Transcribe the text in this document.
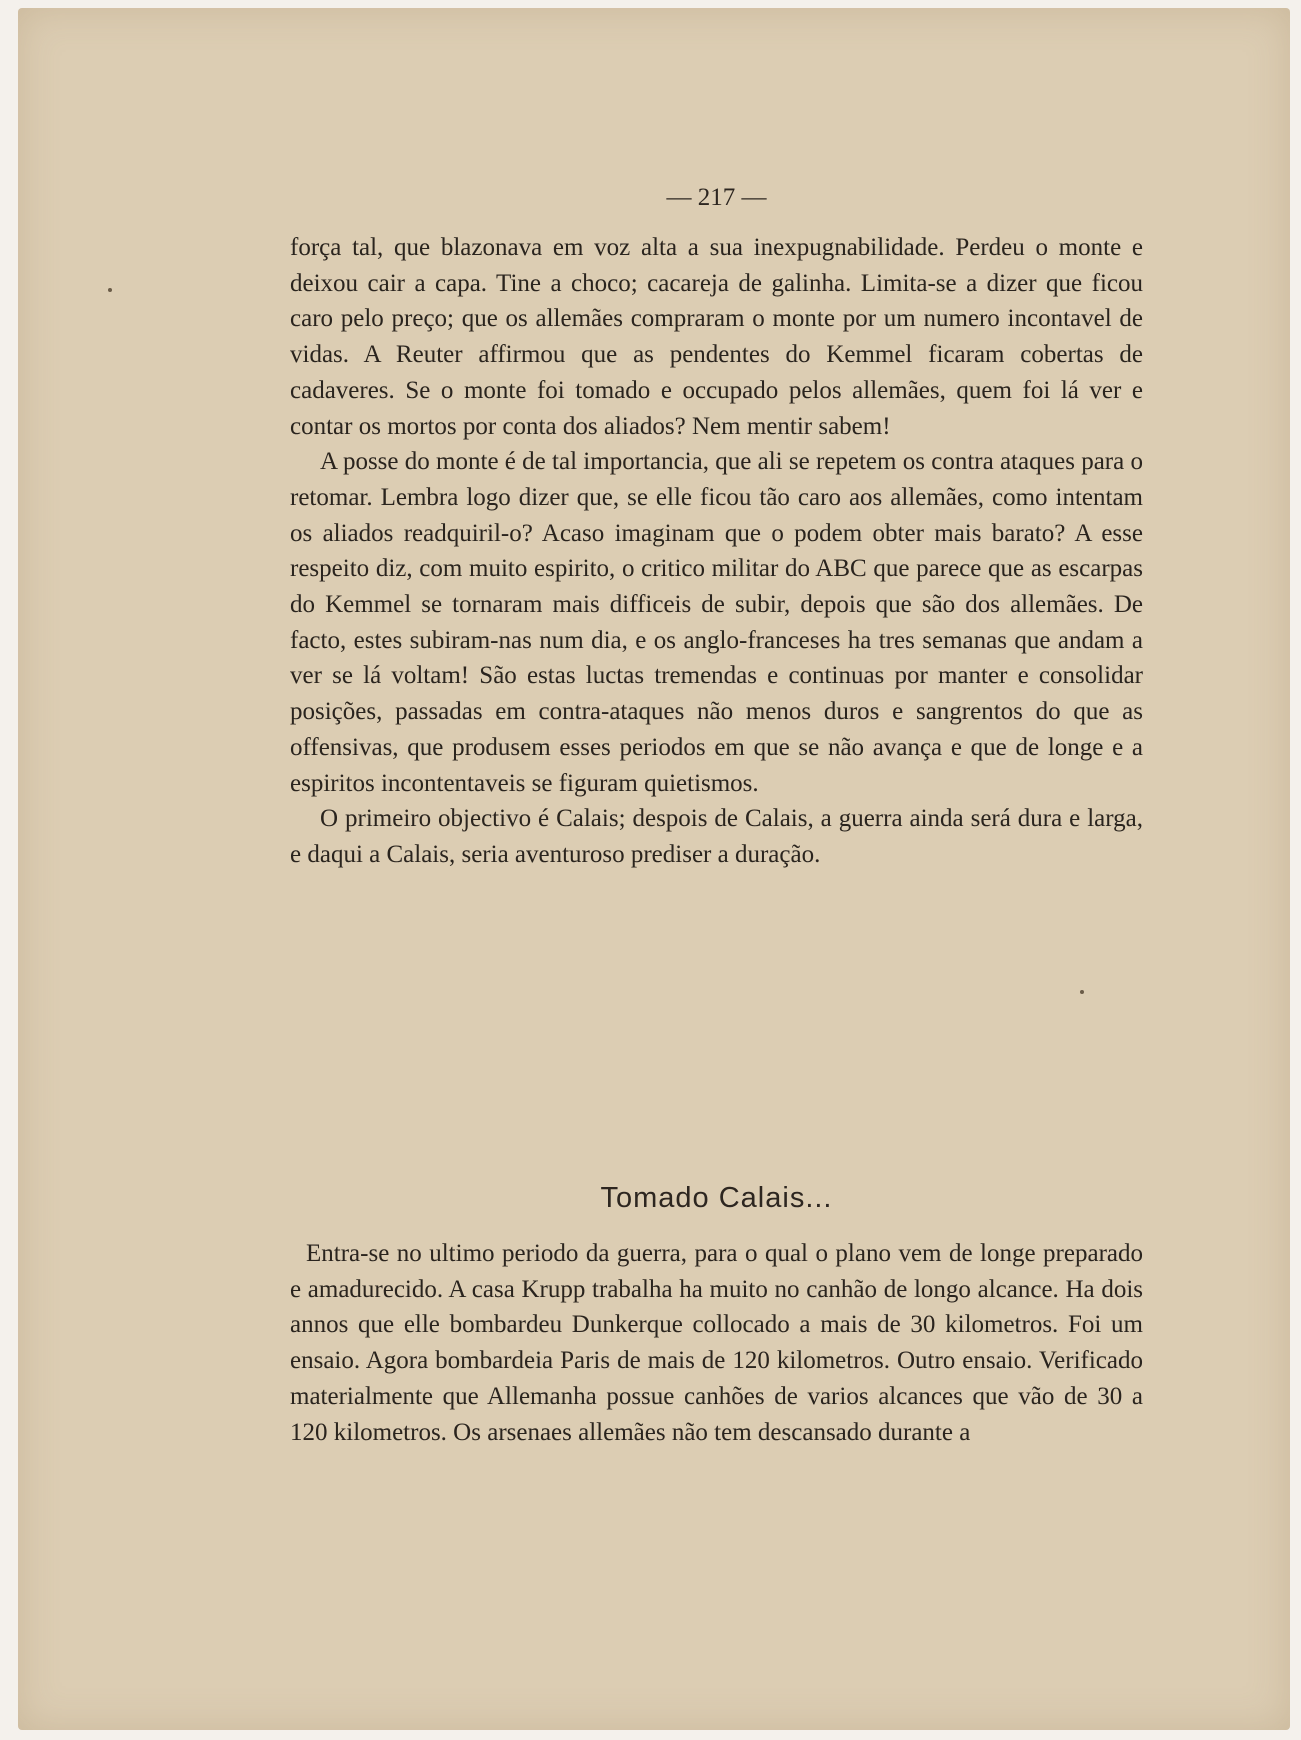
— 217 —

força tal, que blazonava em voz alta a sua inexpugnabilidade. Perdeu o monte e deixou cair a capa. Tine a choco; cacareja de galinha. Limita-se a dizer que ficou caro pelo preço; que os allemães compraram o monte por um numero incontavel de vidas. A Reuter affirmou que as pendentes do Kemmel ficaram cobertas de cadaveres. Se o monte foi tomado e occupado pelos allemães, quem foi lá ver e contar os mortos por conta dos aliados? Nem mentir sabem!

A posse do monte é de tal importancia, que ali se repetem os contra ataques para o retomar. Lembra logo dizer que, se elle ficou tão caro aos allemães, como intentam os aliados readquiril-o? Acaso imaginam que o podem obter mais barato? A esse respeito diz, com muito espirito, o critico militar do ABC que parece que as escarpas do Kemmel se tornaram mais difficeis de subir, depois que são dos allemães. De facto, estes subiram-nas num dia, e os anglo-franceses ha tres semanas que andam a ver se lá voltam! São estas luctas tremendas e continuas por manter e consolidar posições, passadas em contra-ataques não menos duros e sangrentos do que as offensivas, que produsem esses periodos em que se não avança e que de longe e a espiritos incontentaveis se figuram quietismos.

O primeiro objectivo é Calais; despois de Calais, a guerra ainda será dura e larga, e daqui a Calais, seria aventuroso prediser a duração.

Tomado Calais...

Entra-se no ultimo periodo da guerra, para o qual o plano vem de longe preparado e amadurecido. A casa Krupp trabalha ha muito no canhão de longo alcance. Ha dois annos que elle bombardeu Dunkerque collocado a mais de 30 kilometros. Foi um ensaio. Agora bombardeia Paris de mais de 120 kilometros. Outro ensaio. Verificado materialmente que Allemanha possue canhões de varios alcances que vão de 30 a 120 kilometros. Os arsenaes allemães não tem descansado durante a
